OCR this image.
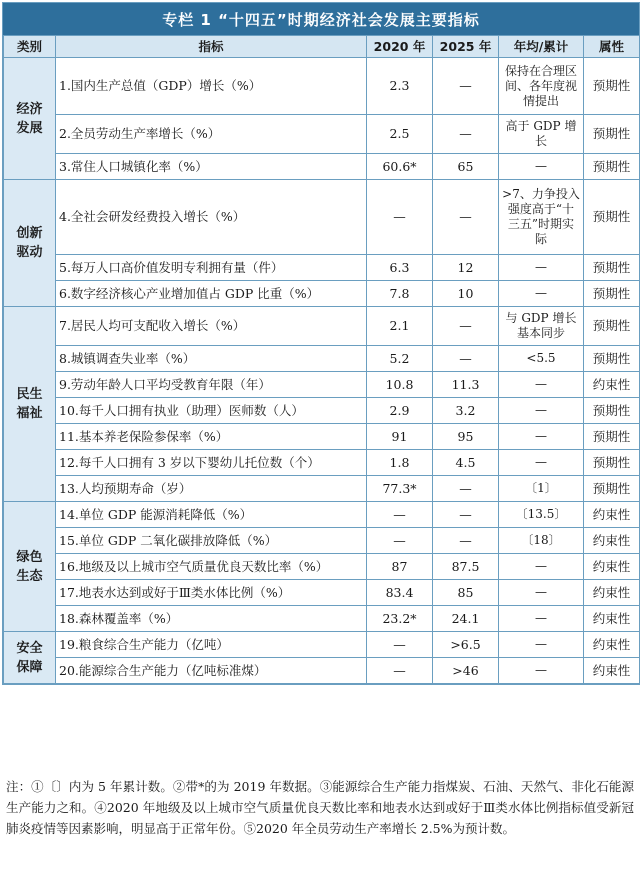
专栏 1 “十四五”时期经济社会发展主要指标
类别	指标	2020 年	2025 年	年均/累计	属性
经济
发展	1.国内生产总值（GDP）增长（%）	2.3	—	保持在合理区间、各年度视情提出	预期性
	2.全员劳动生产率增长（%）	2.5	—	高于 GDP 增长	预期性
	3.常住人口城镇化率（%）	60.6*	65	—	预期性
创新
驱动	4.全社会研发经费投入增长（%）	—	—	>7、力争投入强度高于“十三五”时期实际	预期性
	5.每万人口高价值发明专利拥有量（件）	6.3	12	—	预期性
	6.数字经济核心产业增加值占 GDP 比重（%）	7.8	10	—	预期性
民生
福祉	7.居民人均可支配收入增长（%）	2.1	—	与 GDP 增长基本同步	预期性
	8.城镇调查失业率（%）	5.2	—	<5.5	预期性
	9.劳动年龄人口平均受教育年限（年）	10.8	11.3	—	约束性
	10.每千人口拥有执业（助理）医师数（人）	2.9	3.2	—	预期性
	11.基本养老保险参保率（%）	91	95	—	预期性
	12.每千人口拥有 3 岁以下婴幼儿托位数（个）	1.8	4.5	—	预期性
	13.人均预期寿命（岁）	77.3*	—	〔1〕	预期性
绿色
生态	14.单位 GDP 能源消耗降低（%）	—	—	〔13.5〕	约束性
	15.单位 GDP 二氧化碳排放降低（%）	—	—	〔18〕	约束性
	16.地级及以上城市空气质量优良天数比率（%）	87	87.5	—	约束性
	17.地表水达到或好于Ⅲ类水体比例（%）	83.4	85	—	约束性
	18.森林覆盖率（%）	23.2*	24.1	—	约束性
安全
保障	19.粮食综合生产能力（亿吨）	—	>6.5	—	约束性
	20.能源综合生产能力（亿吨标准煤）	—	>46	—	约束性
注：①〔〕内为 5 年累计数。②带*的为 2019 年数据。③能源综合生产能力指煤炭、石油、天然气、非化石能源生产能力之和。④2020 年地级及以上城市空气质量优良天数比率和地表水达到或好于Ⅲ类水体比例指标值受新冠肺炎疫情等因素影响，明显高于正常年份。⑤2020 年全员劳动生产率增长 2.5%为预计数。
